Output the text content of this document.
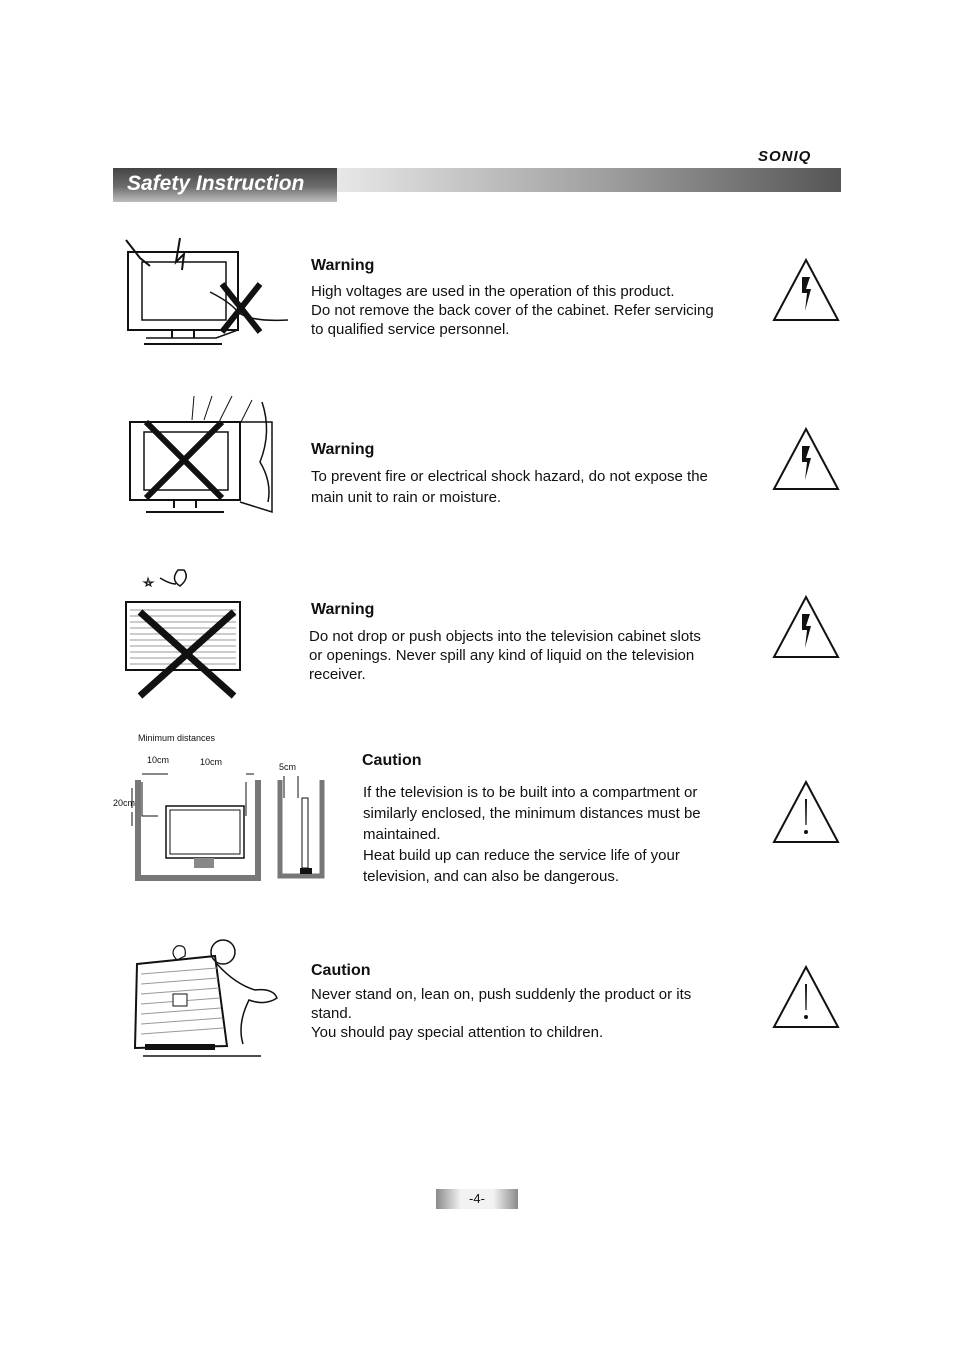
SONIQ
Safety Instruction
Warning
High voltages are used in the operation of this product.
Do not remove the back cover of the cabinet. Refer servicing
to qualified service personnel.
Warning
To prevent fire or electrical shock hazard, do not expose the
main unit to rain or moisture.
Warning
Do not drop or push objects into the television cabinet slots
or openings. Never spill any kind of liquid on the television
receiver.
Minimum distances
10cm	10cm	5cm
20cm
Caution
If the television is to be built into a compartment or
similarly enclosed, the minimum distances must be
maintained.
Heat build up can reduce the service life of your
television, and can also be dangerous.
Caution
Never stand on, lean on, push suddenly the product or its
stand.
You should pay special attention to children.
-4-
